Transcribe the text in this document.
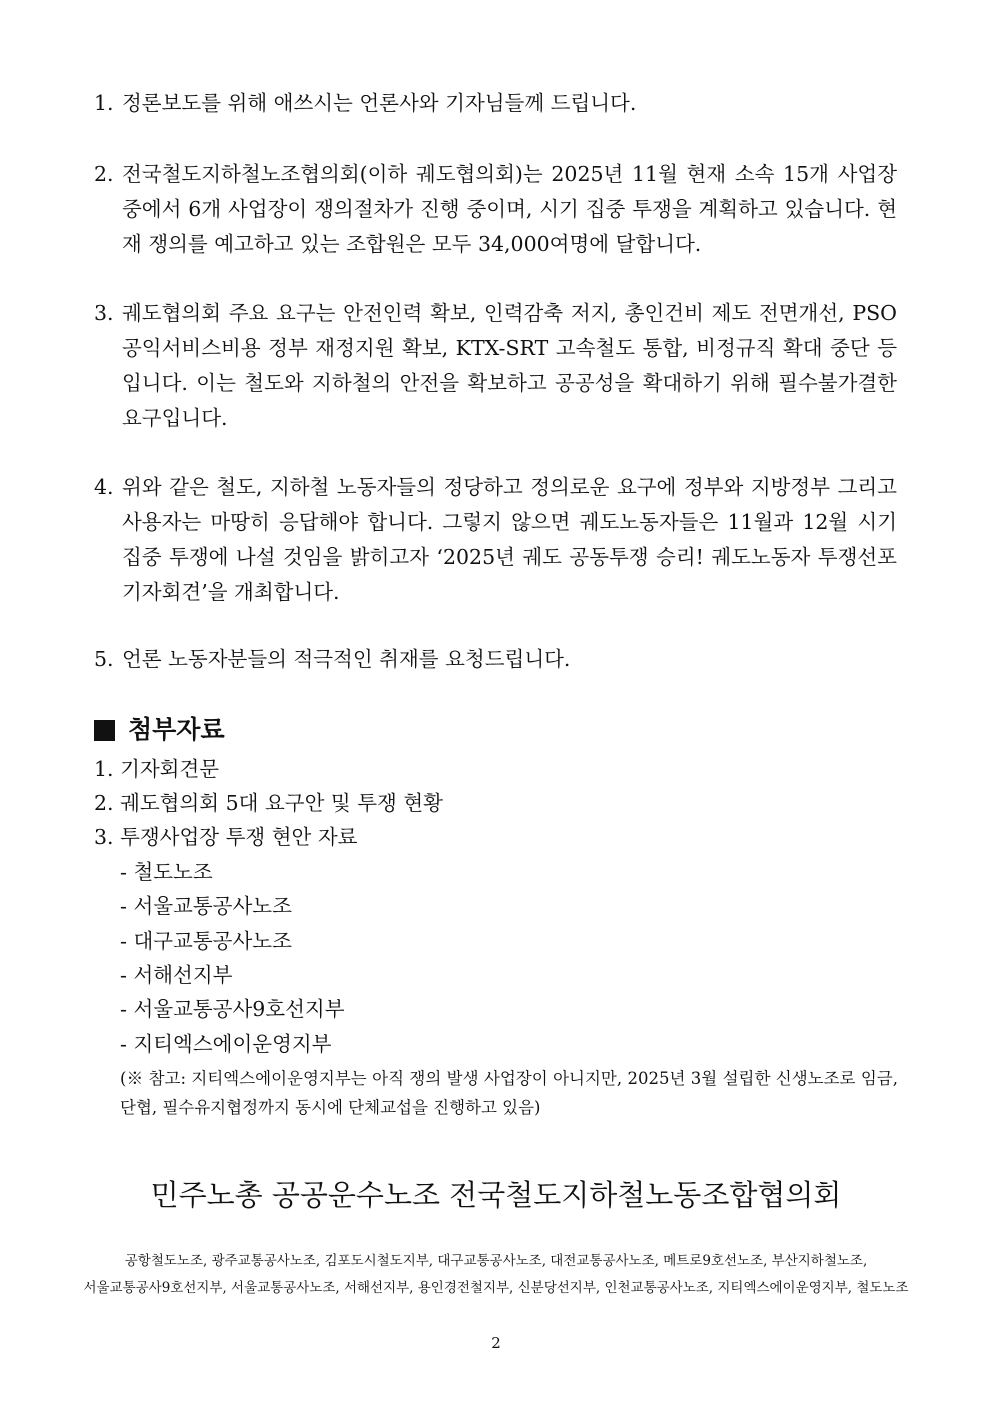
1. 정론보도를 위해 애쓰시는 언론사와 기자님들께 드립니다.
2. 전국철도지하철노조협의회(이하 궤도협의회)는 2025년 11월 현재 소속 15개 사업장 중에서 6개 사업장이 쟁의절차가 진행 중이며, 시기 집중 투쟁을 계획하고 있습니다. 현재 쟁의를 예고하고 있는 조합원은 모두 34,000여명에 달합니다.
3. 궤도협의회 주요 요구는 안전인력 확보, 인력감축 저지, 총인건비 제도 전면개선, PSO 공익서비스비용 정부 재정지원 확보, KTX-SRT 고속철도 통합, 비정규직 확대 중단 등입니다. 이는 철도와 지하철의 안전을 확보하고 공공성을 확대하기 위해 필수불가결한 요구입니다.
4. 위와 같은 철도, 지하철 노동자들의 정당하고 정의로운 요구에 정부와 지방정부 그리고 사용자는 마땅히 응답해야 합니다. 그렇지 않으면 궤도노동자들은 11월과 12월 시기 집중 투쟁에 나설 것임을 밝히고자 ‘2025년 궤도 공동투쟁 승리! 궤도노동자 투쟁선포 기자회견’을 개최합니다.
5. 언론 노동자분들의 적극적인 취재를 요청드립니다.
첨부자료
1. 기자회견문
2. 궤도협의회 5대 요구안 및 투쟁 현황
3. 투쟁사업장 투쟁 현안 자료
- 철도노조
- 서울교통공사노조
- 대구교통공사노조
- 서해선지부
- 서울교통공사9호선지부
- 지티엑스에이운영지부
(※ 참고: 지티엑스에이운영지부는 아직 쟁의 발생 사업장이 아니지만, 2025년 3월 설립한 신생노조로 임금, 단협, 필수유지협정까지 동시에 단체교섭을 진행하고 있음)
민주노총 공공운수노조 전국철도지하철노동조합협의회
공항철도노조, 광주교통공사노조, 김포도시철도지부, 대구교통공사노조, 대전교통공사노조, 메트로9호선노조, 부산지하철노조,
서울교통공사9호선지부, 서울교통공사노조, 서해선지부, 용인경전철지부, 신분당선지부, 인천교통공사노조, 지티엑스에이운영지부, 철도노조
2
